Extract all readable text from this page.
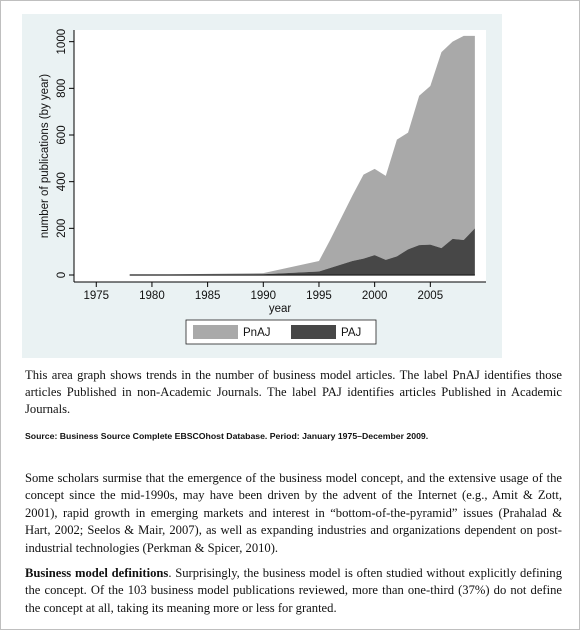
1975	1980	1985	1990	1995	2000	2005
0
200
400
600
800
1000
year
number of publications (by year)
PnAJ	PAJ
This area graph shows trends in the number of business model articles. The label PnAJ identifies those articles Published in non-Academic Journals. The label PAJ identifies articles Published in Academic Journals.
Source: Business Source Complete EBSCOhost Database. Period: January 1975–December 2009.
Some scholars surmise that the emergence of the business model concept, and the extensive usage of the concept since the mid-1990s, may have been driven by the advent of the Internet (e.g., Amit & Zott, 2001), rapid growth in emerging markets and interest in “bottom-of-the-pyramid” issues (Prahalad & Hart, 2002; Seelos & Mair, 2007), as well as expanding industries and organizations dependent on post-industrial technologies (Perkman & Spicer, 2010).
Business model definitions. Surprisingly, the business model is often studied without explicitly defining the concept. Of the 103 business model publications reviewed, more than one-third (37%) do not define the concept at all, taking its meaning more or less for granted.
